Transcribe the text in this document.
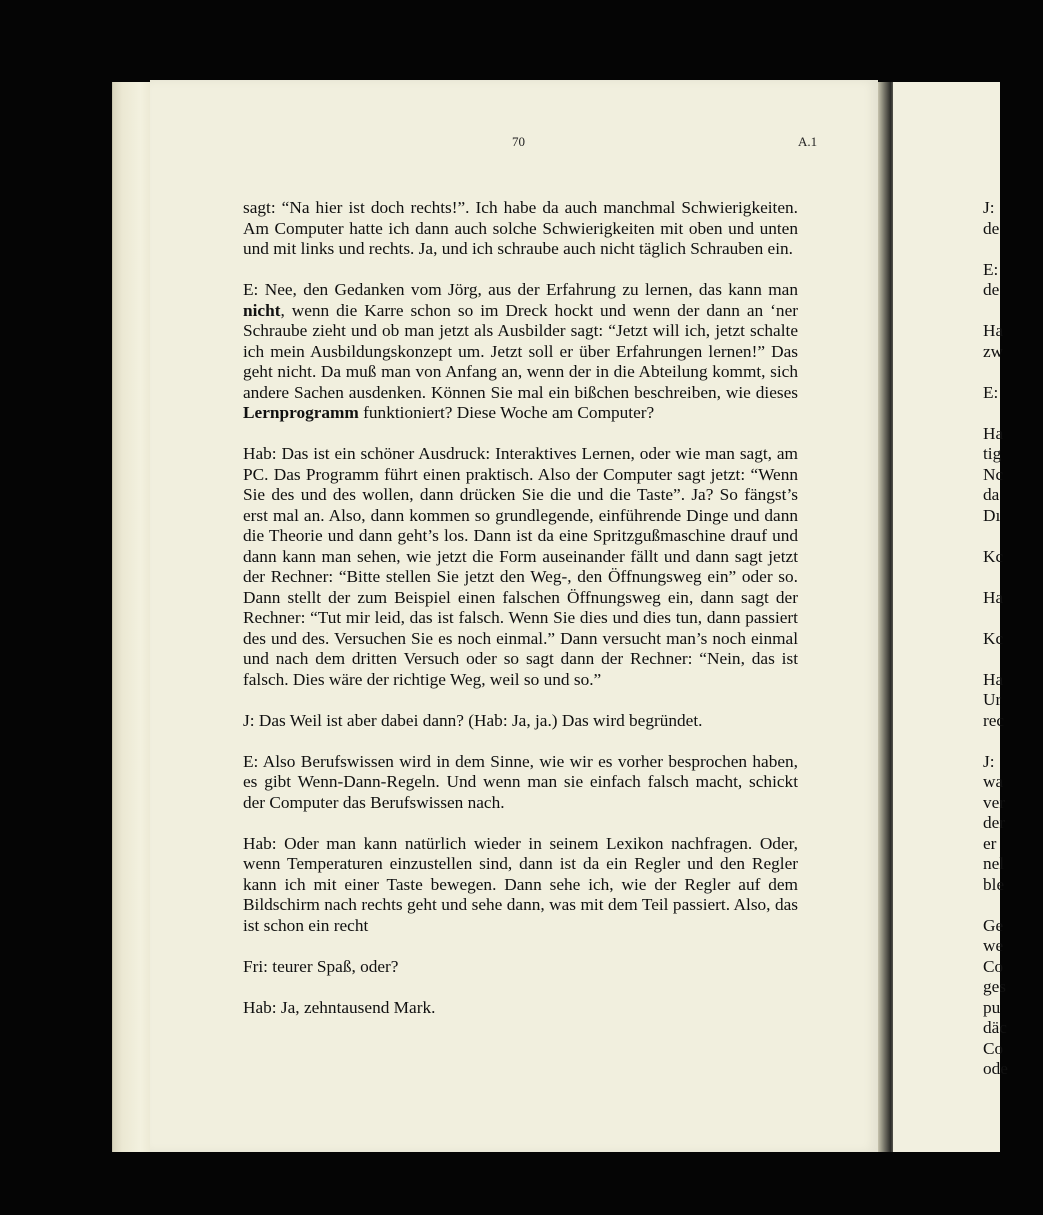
70	A.1

sagt: “Na hier ist doch rechts!”. Ich habe da auch manchmal Schwierigkeiten. Am Computer hatte ich dann auch solche Schwierigkeiten mit oben und unten und mit links und rechts. Ja, und ich schraube auch nicht täglich Schrauben ein.

E: Nee, den Gedanken vom Jörg, aus der Erfahrung zu lernen, das kann man nicht, wenn die Karre schon so im Dreck hockt und wenn der dann an ‘ner Schraube zieht und ob man jetzt als Ausbilder sagt: “Jetzt will ich, jetzt schalte ich mein Ausbildungskonzept um. Jetzt soll er über Erfahrungen lernen!” Das geht nicht. Da muß man von Anfang an, wenn der in die Abteilung kommt, sich andere Sachen ausdenken. Können Sie mal ein bißchen beschreiben, wie dieses Lernprogramm funktioniert? Diese Woche am Computer?

Hab: Das ist ein schöner Ausdruck: Interaktives Lernen, oder wie man sagt, am PC. Das Programm führt einen praktisch. Also der Computer sagt jetzt: “Wenn Sie des und des wollen, dann drücken Sie die und die Taste”. Ja? So fängst’s erst mal an. Also, dann kommen so grundlegende, einführende Dinge und dann die Theorie und dann geht’s los. Dann ist da eine Spritzgußmaschine drauf und dann kann man sehen, wie jetzt die Form auseinander fällt und dann sagt jetzt der Rechner: “Bitte stellen Sie jetzt den Weg-, den Öffnungsweg ein” oder so. Dann stellt der zum Beispiel einen falschen Öffnungsweg ein, dann sagt der Rechner: “Tut mir leid, das ist falsch. Wenn Sie dies und dies tun, dann passiert des und des. Versuchen Sie es noch einmal.” Dann versucht man’s noch einmal und nach dem dritten Versuch oder so sagt dann der Rechner: “Nein, das ist falsch. Dies wäre der richtige Weg, weil so und so.”

J: Das Weil ist aber dabei dann? (Hab: Ja, ja.) Das wird begründet.

E: Also Berufswissen wird in dem Sinne, wie wir es vorher besprochen haben, es gibt Wenn-Dann-Regeln. Und wenn man sie einfach falsch macht, schickt der Computer das Berufswissen nach.

Hab: Oder man kann natürlich wieder in seinem Lexikon nachfragen. Oder, wenn Temperaturen einzustellen sind, dann ist da ein Regler und den Regler kann ich mit einer Taste bewegen. Dann sehe ich, wie der Regler auf dem Bildschirm nach rechts geht und sehe dann, was mit dem Teil passiert. Also, das ist schon ein recht

Fri: teurer Spaß, oder?

Hab: Ja, zehntausend Mark.

J:
de
E:
de
Ha
zw
E:
Ha
tig
Nc
da
Dı
Kc
Ha
Kc
Ha
Ur
rec
J:
wa
ver
der
er
nel
ble
Ge
we
Co
ges
pu
däc
Co
ode
